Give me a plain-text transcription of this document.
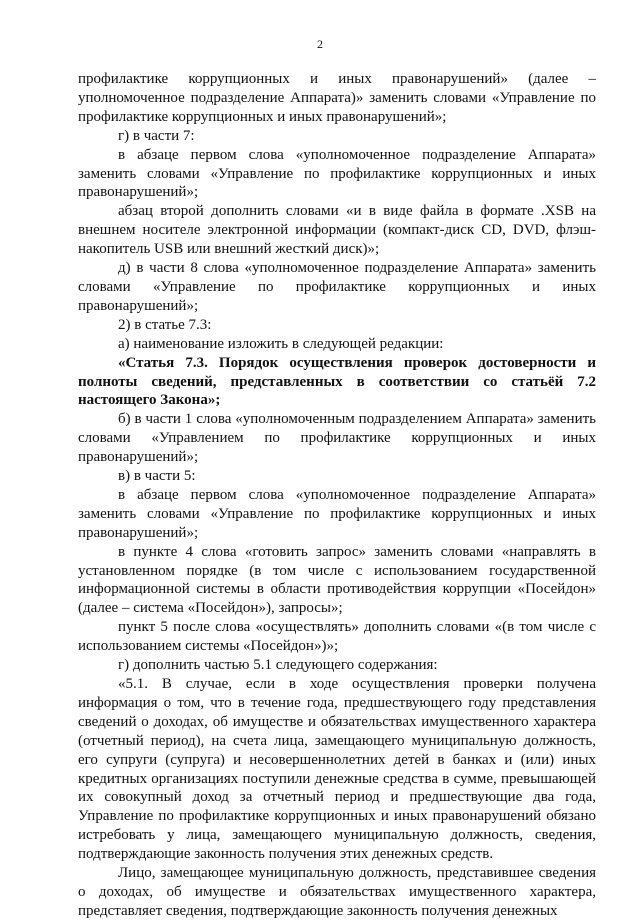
2

профилактике коррупционных и иных правонарушений» (далее – уполномоченное подразделение Аппарата)» заменить словами «Управление по профилактике коррупционных и иных правонарушений»;

г) в части 7:

в абзаце первом слова «уполномоченное подразделение Аппарата» заменить словами «Управление по профилактике коррупционных и иных правонарушений»;

абзац второй дополнить словами «и в виде файла в формате .XSB на внешнем носителе электронной информации (компакт-диск CD, DVD, флэш-накопитель USB или внешний жесткий диск)»;

д) в части 8 слова «уполномоченное подразделение Аппарата» заменить словами «Управление по профилактике коррупционных и иных правонарушений»;

2) в статье 7.3:

а) наименование изложить в следующей редакции:

«Статья 7.3. Порядок осуществления проверок достоверности и полноты сведений, представленных в соответствии со статьёй 7.2 настоящего Закона»;

б) в части 1 слова «уполномоченным подразделением Аппарата» заменить словами «Управлением по профилактике коррупционных и иных правонарушений»;

в) в части 5:

в абзаце первом слова «уполномоченное подразделение Аппарата» заменить словами «Управление по профилактике коррупционных и иных правонарушений»;

в пункте 4 слова «готовить запрос» заменить словами «направлять в установленном порядке (в том числе с использованием государственной информационной системы в области противодействия коррупции «Посейдон» (далее – система «Посейдон»), запросы»;

пункт 5 после слова «осуществлять» дополнить словами «(в том числе с использованием системы «Посейдон»)»;

г) дополнить частью 5.1 следующего содержания:

«5.1. В случае, если в ходе осуществления проверки получена информация о том, что в течение года, предшествующего году представления сведений о доходах, об имуществе и обязательствах имущественного характера (отчетный период), на счета лица, замещающего муниципальную должность, его супруги (супруга) и несовершеннолетних детей в банках и (или) иных кредитных организациях поступили денежные средства в сумме, превышающей их совокупный доход за отчетный период и предшествующие два года, Управление по профилактике коррупционных и иных правонарушений обязано истребовать у лица, замещающего муниципальную должность, сведения, подтверждающие законность получения этих денежных средств.

Лицо, замещающее муниципальную должность, представившее сведения о доходах, об имуществе и обязательствах имущественного характера, представляет сведения, подтверждающие законность получения денежных
